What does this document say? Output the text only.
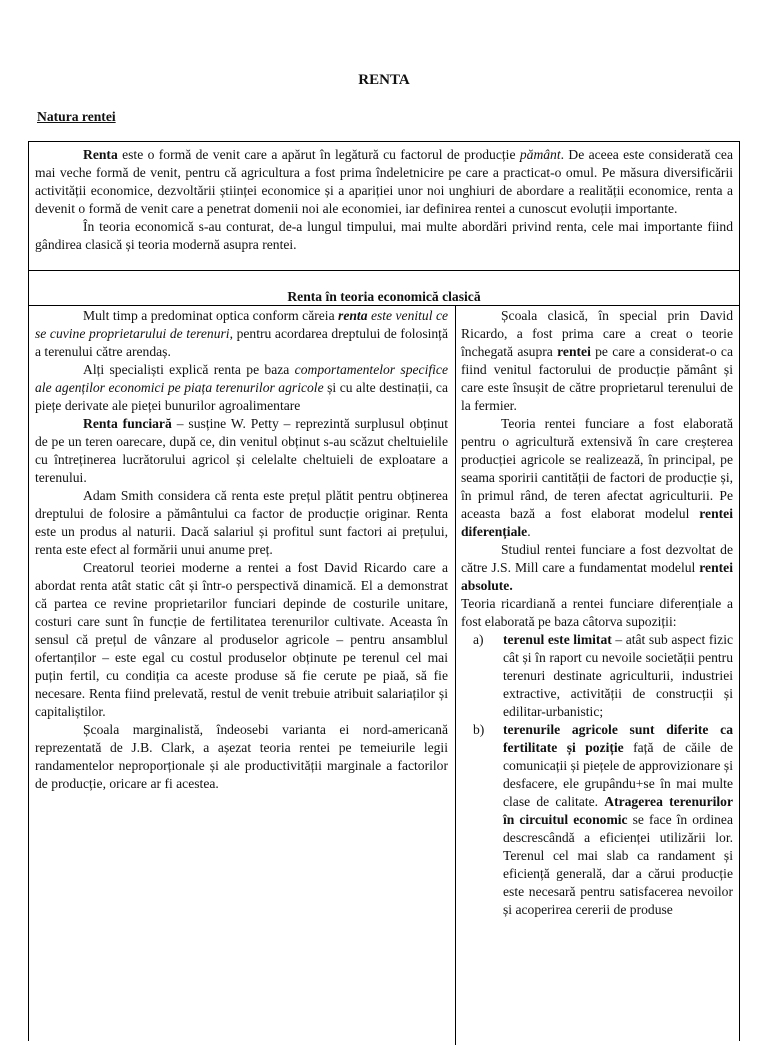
RENTA
Natura rentei

Renta este o formă de venit care a apărut în legătură cu factorul de producție pământ. De aceea este considerată cea mai veche formă de venit, pentru că agricultura a fost prima îndeletnicire pe care a practicat-o omul. Pe măsura diversificării activității economice, dezvoltării științei economice și a apariției unor noi unghiuri de abordare a realității economice, renta a devenit o formă de venit care a penetrat domenii noi ale economiei, iar definirea rentei a cunoscut evoluții importante.

În teoria economică s-au conturat, de-a lungul timpului, mai multe abordări privind renta, cele mai importante fiind gândirea clasică și teoria modernă asupra rentei.

Renta în teoria economică clasică

Mult timp a predominat optica conform căreia renta este venitul ce se cuvine proprietarului de terenuri, pentru acordarea dreptului de folosință a terenului către arendaș.

Alți specialiști explică renta pe baza comportamentelor specifice ale agenților economici pe piața terenurilor agricole și cu alte destinații, ca piețe derivate ale pieței bunurilor agroalimentare

Renta funciară – susține W. Petty – reprezintă surplusul obținut de pe un teren oarecare, după ce, din venitul obținut s-au scăzut cheltuielile cu întreținerea lucrătorului agricol și celelalte cheltuieli de exploatare a terenului.

Adam Smith considera că renta este prețul plătit pentru obținerea dreptului de folosire a pământului ca factor de producție originar. Renta este un produs al naturii. Dacă salariul și profitul sunt factori ai prețului, renta este efect al formării unui anume preț.

Creatorul teoriei moderne a rentei a fost David Ricardo care a abordat renta atât static cât și într-o perspectivă dinamică. El a demonstrat că partea ce revine proprietarilor funciari depinde de costurile unitare, costuri care sunt în funcție de fertilitatea terenurilor cultivate. Aceasta în sensul că prețul de vânzare al produselor agricole – pentru ansamblul ofertanților – este egal cu costul produselor obținute pe terenul cel mai puțin fertil, cu condiția ca aceste produse să fie cerute pe piaă, să fie necesare. Renta fiind prelevată, restul de venit trebuie atribuit salariaților și capitaliștilor.

Școala marginalistă, îndeosebi varianta ei nord-americană reprezentată de J.B. Clark, a așezat teoria rentei pe temeiurile legii randamentelor neproporționale și ale productivității marginale a factorilor de producție, oricare ar fi acestea.

Școala clasică, în special prin David Ricardo, a fost prima care a creat o teorie închegată asupra rentei pe care a considerat-o ca fiind venitul factorului de producție pământ și care este însușit de către proprietarul terenului de la fermier.

Teoria rentei funciare a fost elaborată pentru o agricultură extensivă în care creșterea producției agricole se realizează, în principal, pe seama sporirii cantității de factori de producție și, în primul rând, de teren afectat agriculturii. Pe aceasta bază a fost elaborat modelul rentei diferențiale.

Studiul rentei funciare a fost dezvoltat de către J.S. Mill care a fundamentat modelul rentei absolute.

Teoria ricardiană a rentei funciare diferențiale a fost elaborată pe baza câtorva supoziții:

a) terenul este limitat – atât sub aspect fizic cât și în raport cu nevoile societății pentru terenuri destinate agriculturii, industriei extractive, activității de construcții și edilitar-urbanistic;
b) terenurile agricole sunt diferite ca fertilitate și poziție față de căile de comunicații și piețele de approvizionare și desfacere, ele grupându+se în mai multe clase de calitate. Atragerea terenurilor în circuitul economic se face în ordinea descrescândă a eficienței utilizării lor. Terenul cel mai slab ca randament și eficiență generală, dar a cărui producție este necesară pentru satisfacerea nevoilor și acoperirea cererii de produse
